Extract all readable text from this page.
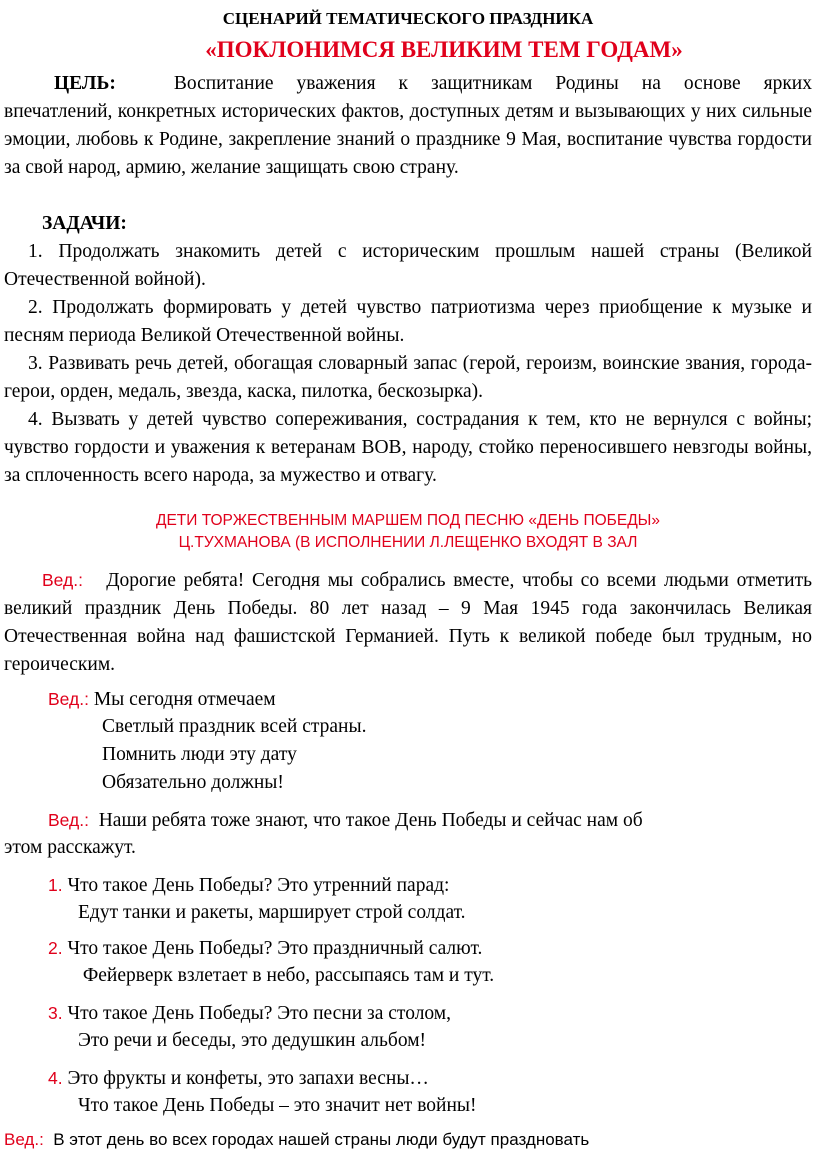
СЦЕНАРИЙ ТЕМАТИЧЕСКОГО ПРАЗДНИКА
«ПОКЛОНИМСЯ ВЕЛИКИМ ТЕМ ГОДАМ»
ЦЕЛЬ:	Воспитание уважения к защитникам Родины на основе ярких
впечатлений, конкретных исторических фактов, доступных детям и вызывающих у них сильные эмоции, любовь к Родине, закрепление знаний о празднике 9 Мая, воспитание чувства гордости за свой народ, армию, желание защищать свою страну.
ЗАДАЧИ:
1. Продолжать знакомить детей с историческим прошлым нашей страны (Великой Отечественной войной).
2. Продолжать формировать у детей чувство патриотизма через приобщение к музыке и песням периода Великой Отечественной войны.
3. Развивать речь детей, обогащая словарный запас (герой, героизм, воинские звания, города-герои, орден, медаль, звезда, каска, пилотка, бескозырка).
4. Вызвать у детей чувство сопереживания, сострадания к тем, кто не вернулся с войны; чувство гордости и уважения к ветеранам ВОВ, народу, стойко переносившего невзгоды войны, за сплоченность всего народа, за мужество и отвагу.
ДЕТИ ТОРЖЕСТВЕННЫМ МАРШЕМ ПОД ПЕСНЮ «ДЕНЬ ПОБЕДЫ»
Ц.ТУХМАНОВА (В ИСПОЛНЕНИИ Л.ЛЕЩЕНКО ВХОДЯТ В ЗАЛ
Вед.: Дорогие ребята! Сегодня мы собрались вместе, чтобы со всеми людьми отметить великий праздник День Победы. 80 лет назад – 9 Мая 1945 года закончилась Великая Отечественная война над фашистской Германией. Путь к великой победе был трудным, но героическим.
Вед.: Мы сегодня отмечаем
Светлый праздник всей страны.
Помнить люди эту дату
Обязательно должны!
Вед.: Наши ребята тоже знают, что такое День Победы и сейчас нам об
этом расскажут.
1. Что такое День Победы? Это утренний парад:
Едут танки и ракеты, марширует строй солдат.
2. Что такое День Победы? Это праздничный салют.
Фейерверк взлетает в небо, рассыпаясь там и тут.
3. Что такое День Победы? Это песни за столом,
Это речи и беседы, это дедушкин альбом!
4. Это фрукты и конфеты, это запахи весны…
Что такое День Победы – это значит нет войны!
Вед.: В этот день во всех городах нашей страны люди будут праздновать
